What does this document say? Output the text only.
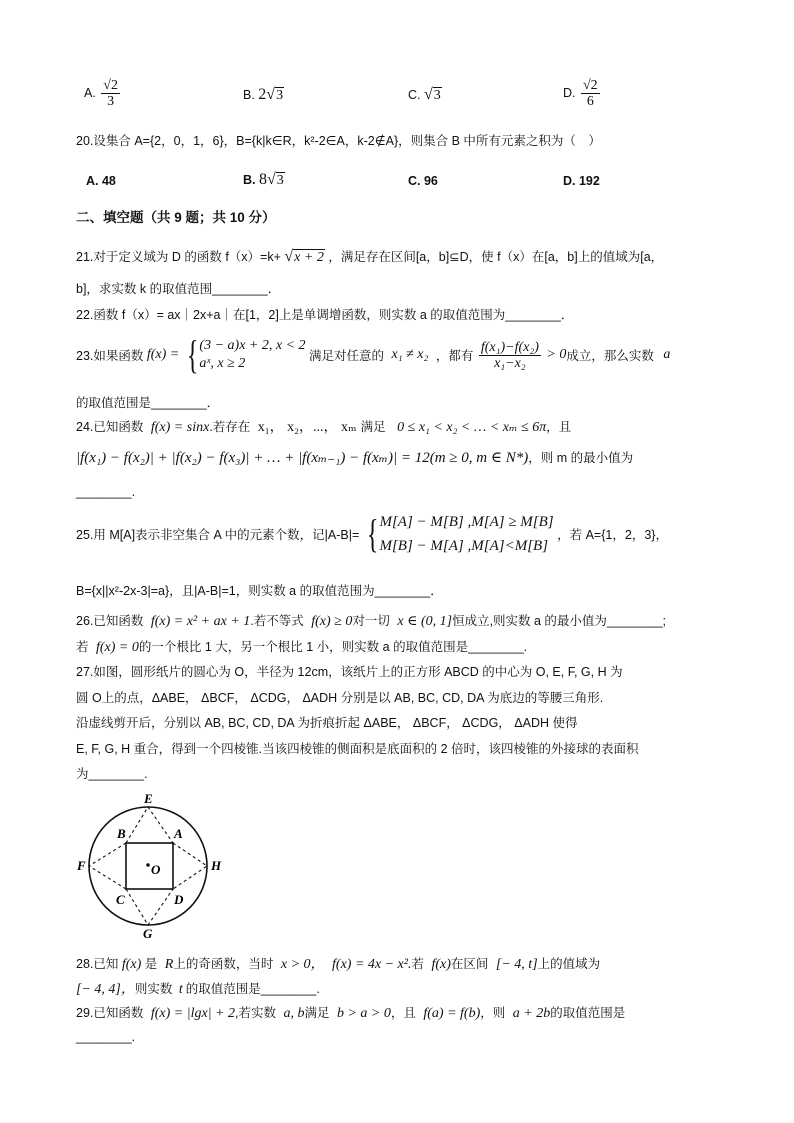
A. $\frac{√2}{3}$	B. 2√3	C. √3	D. $\frac{√2}{6}$
20.设集合 A={2，0，1，6}，B={k|k∈R，k²-2∈A，k-2∉A}，则集合 B 中所有元素之积为（　）
A. 48	B. 8√3	C. 96	D. 192
二、填空题（共 9 题；共 10 分）
21.对于定义域为 D 的函数 f（x）=k+ √x + 2 ，满足存在区间[a，b]⊆D，使 f（x）在[a，b]上的值域为[a，
b]，求实数 k 的取值范围________．
22.函数 f（x）= ax｜2x+a｜在[1，2]上是单调增函数，则实数 a 的取值范围为________．
23.如果函数 f(x) = { (3 − a)x + 2, x < 2
aˣ, x ≥ 2	满足对任意的 x₁ ≠ x₂ ，都有 $\frac{\text{f(x₁)−f(x₂)}}{\text{x₁−x₂}} > 0$成立，那么实数 a
的取值范围是________．
24.已知函数 f(x) = sinx.若存在 x₁， x₂，...， xₘ 满足 0 ≤ x₁ < x₂ < … < xₘ ≤ 6π，且
|f(x₁) − f(x₂)| + |f(x₂) − f(x₃)| + … + |f(xₘ₋₁) − f(xₘ)| = 12(m ≥ 0, m ∈ N*)，则 m 的最小值为
________.
25.用 M[A]表示非空集合 A 中的元素个数，记|A-B|= { M[A] − M[B] ,M[A] ≥ M[B]
M[B] − M[A] ,M[A]<M[B]
，若 A={1，2，3}，
B={x||x²-2x-3|=a}，且|A-B|=1，则实数 a 的取值范围为________．
26.已知函数 f(x) = x² + ax + 1.若不等式 f(x) ≥ 0对一切 x ∈ (0, 1]恒成立,则实数 a 的最小值为________;
若 f(x) = 0的一个根比 1 大，另一个根比 1 小，则实数 a 的取值范围是________.
27.如图，圆形纸片的圆心为 O，半径为 12cm，该纸片上的正方形 ABCD 的中心为 O, E, F, G, H 为
圆 O上的点，ΔABE， ΔBCF， ΔCDG， ΔADH 分别是以 AB, BC, CD, DA 为底边的等腰三角形.
沿虚线剪开后，分别以 AB, BC, CD, DA 为折痕折起 ΔABE， ΔBCF， ΔCDG， ΔADH 使得
E, F, G, H 重合，得到一个四棱锥.当该四棱锥的侧面积是底面积的 2 倍时，该四棱锥的外接球的表面积
为________.
E
B	A
F	O	H
C	D
G
28.已知 f(x) 是 R上的奇函数，当时 x > 0， f(x) = 4x − x².若 f(x)在区间 [− 4, t]上的值域为
[− 4, 4]，则实数 t 的取值范围是________.
29.已知函数 f(x) = |lgx| + 2,若实数 a, b满足 b > a > 0，且 f(a) = f(b)，则 a + 2b的取值范围是
________.
